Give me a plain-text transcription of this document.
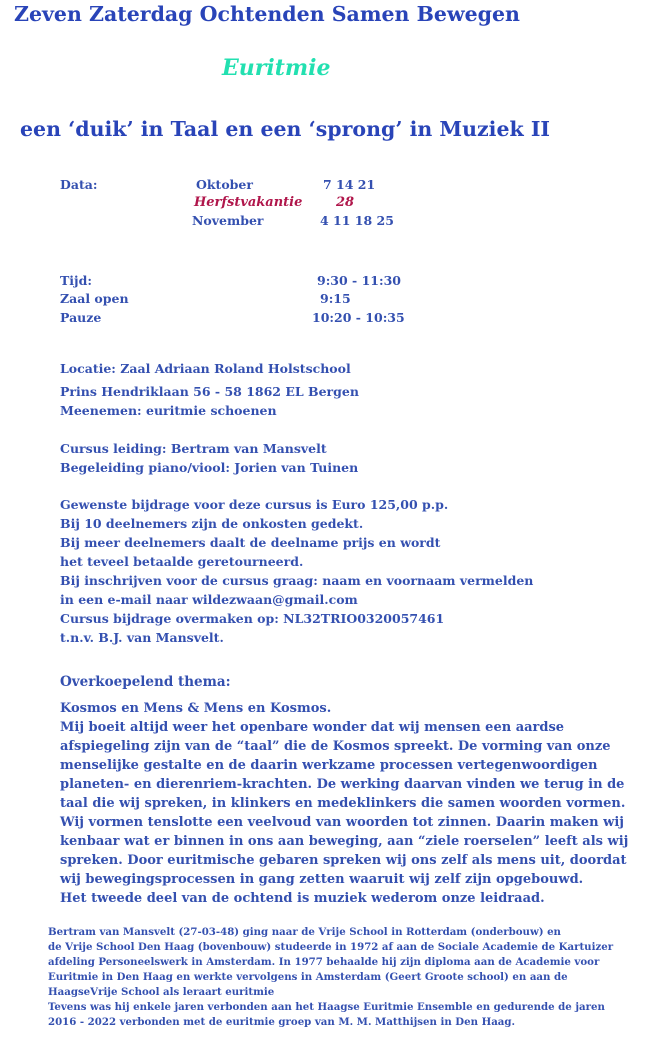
Zeven Zaterdag Ochtenden Samen Bewegen
Euritmie
een ‘duik’ in Taal en een ‘sprong’ in Muziek II
Data:	Oktober	7 14 21
Herfstvakantie	28
November	4 11 18 25
Tijd:	9:30 - 11:30
Zaal open	9:15
Pauze	10:20 - 10:35
Locatie: Zaal Adriaan Roland Holstschool
Prins Hendriklaan 56 - 58 1862 EL Bergen
Meenemen: euritmie schoenen
Cursus leiding: Bertram van Mansvelt
Begeleiding piano/viool: Jorien van Tuinen
Gewenste bijdrage voor deze cursus is Euro 125,00 p.p.
Bij 10 deelnemers zijn de onkosten gedekt.
Bij meer deelnemers daalt de deelname prijs en wordt
het teveel betaalde geretourneerd.
Bij inschrijven voor de cursus graag: naam en voornaam vermelden
in een e-mail naar wildezwaan@gmail.com
Cursus bijdrage overmaken op: NL32TRIO0320057461
t.n.v. B.J. van Mansvelt.
Overkoepelend thema:
Kosmos en Mens & Mens en Kosmos.
Mij boeit altijd weer het openbare wonder dat wij mensen een aardse
afspiegeling zijn van de “taal” die de Kosmos spreekt. De vorming van onze
menselijke gestalte en de daarin werkzame processen vertegenwoordigen
planeten- en dierenriem-krachten. De werking daarvan vinden we terug in de
taal die wij spreken, in klinkers en medeklinkers die samen woorden vormen.
Wij vormen tenslotte een veelvoud van woorden tot zinnen. Daarin maken wij
kenbaar wat er binnen in ons aan beweging, aan “ziele roerselen” leeft als wij
spreken. Door euritmische gebaren spreken wij ons zelf als mens uit, doordat
wij bewegingsprocessen in gang zetten waaruit wij zelf zijn opgebouwd.
Het tweede deel van de ochtend is muziek wederom onze leidraad.
Bertram van Mansvelt (27-03-48) ging naar de Vrije School in Rotterdam (onderbouw) en
de Vrije School Den Haag (bovenbouw) studeerde in 1972 af aan de Sociale Academie de Kartuizer
afdeling Personeelswerk in Amsterdam. In 1977 behaalde hij zijn diploma aan de Academie voor
Euritmie in Den Haag en werkte vervolgens in Amsterdam (Geert Groote school) en aan de
HaagseVrije School als leraart euritmie
Tevens was hij enkele jaren verbonden aan het Haagse Euritmie Ensemble en gedurende de jaren
2016 - 2022 verbonden met de euritmie groep van M. M. Matthijsen in Den Haag.
